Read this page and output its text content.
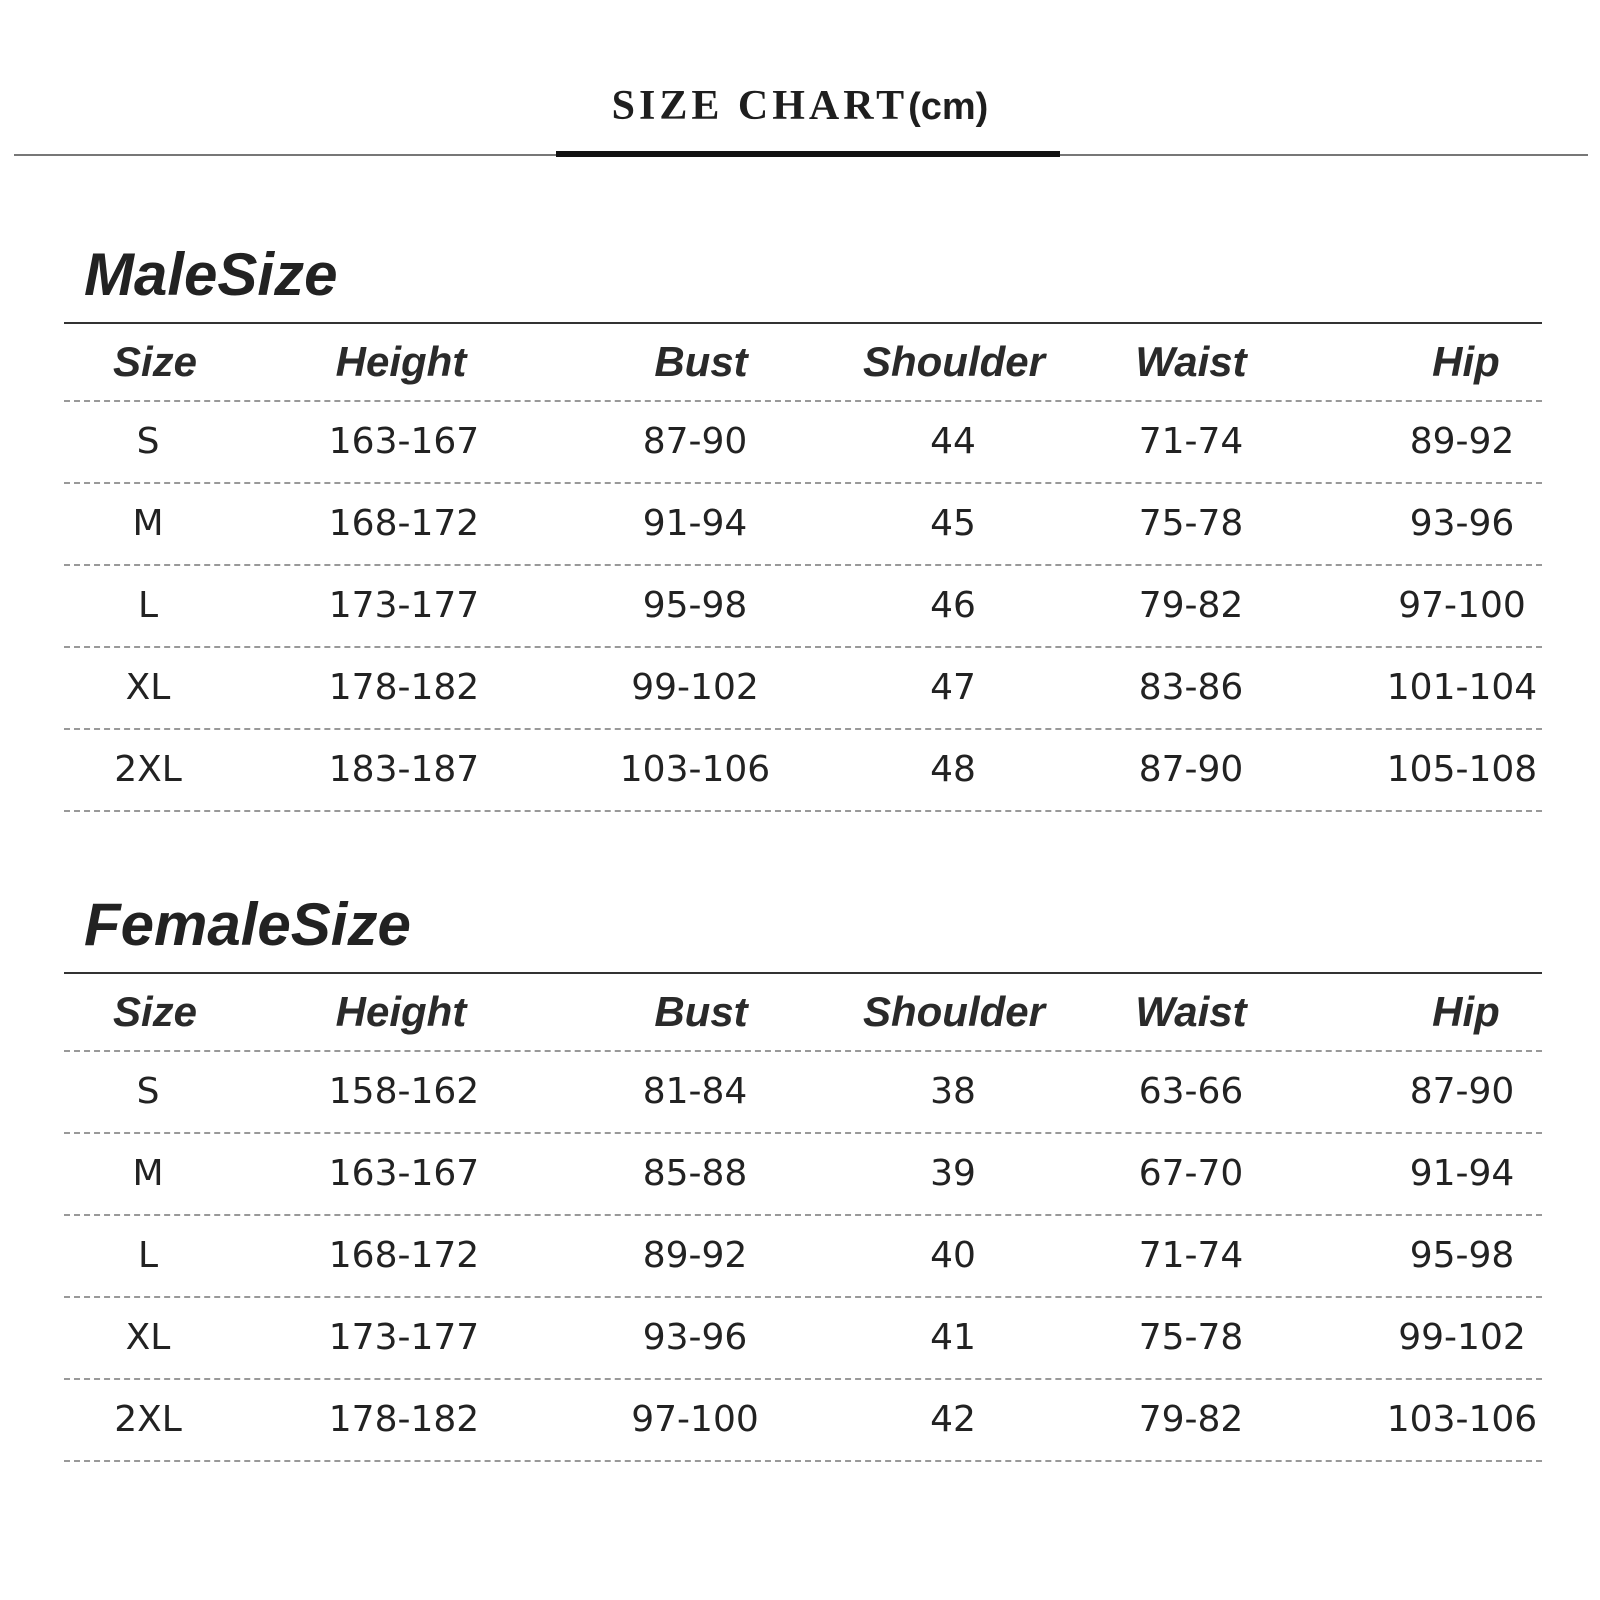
SIZE CHART(cm)
MaleSize
Size	Height	Bust	Shoulder	Waist	Hip
S	163-167	87-90	44	71-74	89-92
M	168-172	91-94	45	75-78	93-96
L	173-177	95-98	46	79-82	97-100
XL	178-182	99-102	47	83-86	101-104
2XL	183-187	103-106	48	87-90	105-108
FemaleSize
Size	Height	Bust	Shoulder	Waist	Hip
S	158-162	81-84	38	63-66	87-90
M	163-167	85-88	39	67-70	91-94
L	168-172	89-92	40	71-74	95-98
XL	173-177	93-96	41	75-78	99-102
2XL	178-182	97-100	42	79-82	103-106
